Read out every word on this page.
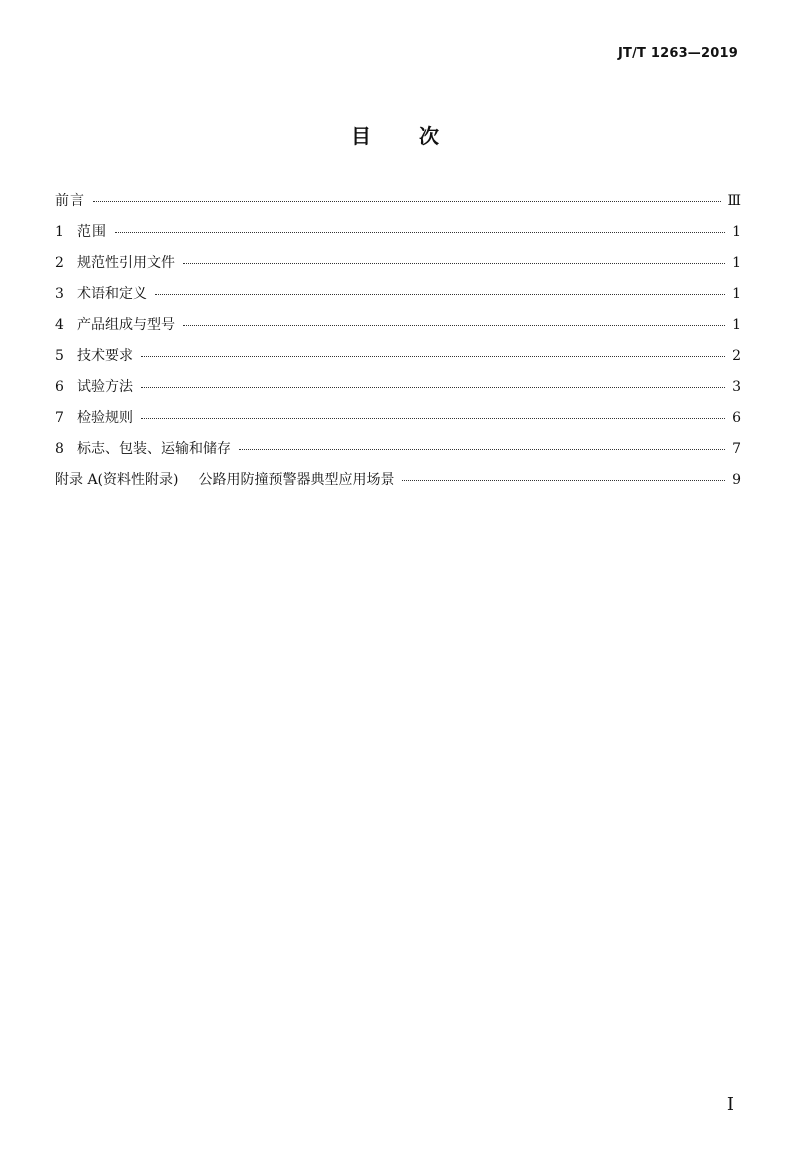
JT/T 1263—2019
目 次
前言	Ⅲ
1 范围	1
2 规范性引用文件	1
3 术语和定义	1
4 产品组成与型号	1
5 技术要求	2
6 试验方法	3
7 检验规则	6
8 标志、包装、运输和储存	7
附录 A(资料性附录) 公路用防撞预警器典型应用场景	9
I
